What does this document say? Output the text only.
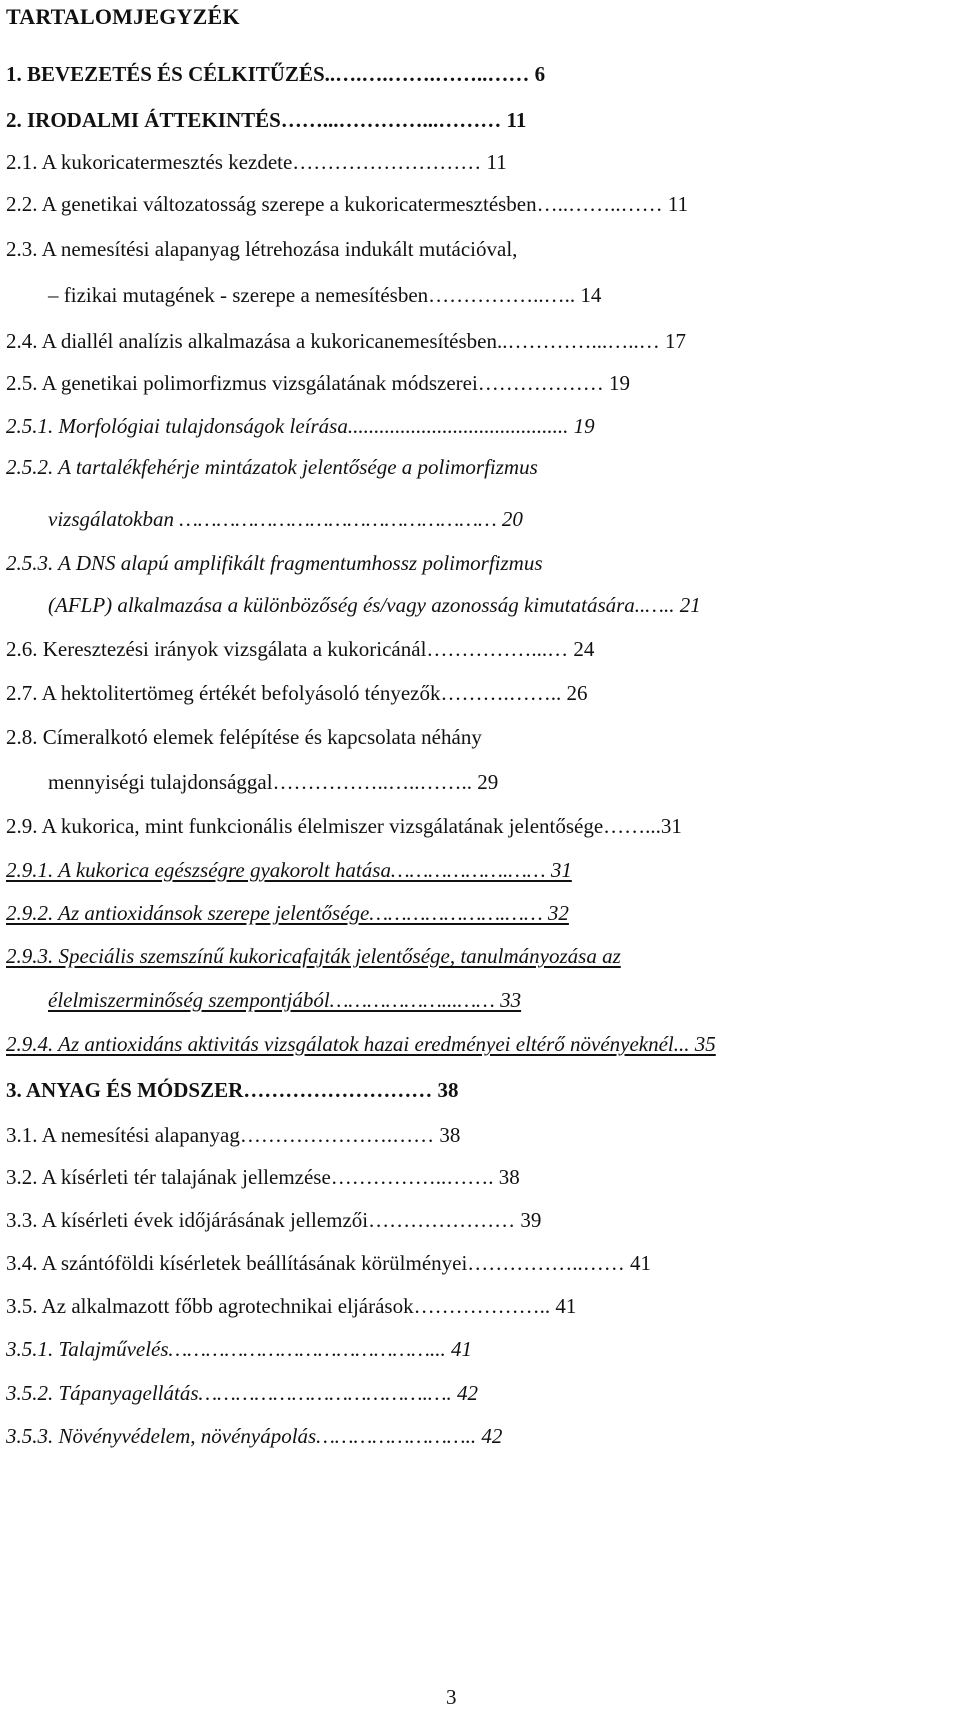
TARTALOMJEGYZÉK
1. BEVEZETÉS ÉS CÉLKITŰZÉS..….….…….……..…… 6
2. IRODALMI ÁTTEKINTÉS……...…………...……… 11
2.1. A kukoricatermesztés kezdete……………………… 11
2.2. A genetikai változatosság szerepe a kukoricatermesztésben…..……..…… 11
2.3. A nemesítési alapanyag létrehozása indukált mutációval,
– fizikai mutagének - szerepe a nemesítésben……………..….. 14
2.4. A diallél analízis alkalmazása a kukoricanemesítésben..…………...…..… 17
2.5. A genetikai polimorfizmus vizsgálatának módszerei……………… 19
2.5.1. Morfológiai tulajdonságok leírása.......................................... 19
2.5.2. A tartalékfehérje mintázatok jelentősége a polimorfizmus
vizsgálatokban …………………………………………… 20
2.5.3. A DNS alapú amplifikált fragmentumhossz polimorfizmus
(AFLP) alkalmazása a különbözőség és/vagy azonosság kimutatására..….. 21
2.6. Keresztezési irányok vizsgálata a kukoricánál……………...… 24
2.7. A hektolitertömeg értékét befolyásoló tényezők……….…….. 26
2.8. Címeralkotó elemek felépítése és kapcsolata néhány
mennyiségi tulajdonsággal……………..…..…….. 29
2.9. A kukorica, mint funkcionális élelmiszer vizsgálatának jelentősége……...31
2.9.1. A kukorica egészségre gyakorolt hatása……………….…… 31
2.9.2. Az antioxidánsok szerepe jelentősége………………….…… 32
2.9.3. Speciális szemszínű kukoricafajták jelentősége, tanulmányozása az
élelmiszerminőség szempontjából………………...…… 33
2.9.4. Az antioxidáns aktivitás vizsgálatok hazai eredményei eltérő növényeknél... 35
3. ANYAG ÉS MÓDSZER……………………… 38
3.1. A nemesítési alapanyag………………….…… 38
3.2. A kísérleti tér talajának jellemzése……………..……. 38
3.3. A kísérleti évek időjárásának jellemzői………………… 39
3.4. A szántóföldi kísérletek beállításának körülményei……………..…… 41
3.5. Az alkalmazott főbb agrotechnikai eljárások……………….. 41
3.5.1. Talajművelés……………………………………... 41
3.5.2. Tápanyagellátás……………………………….…. 42
3.5.3. Növényvédelem, növényápolás…………………….. 42
3
